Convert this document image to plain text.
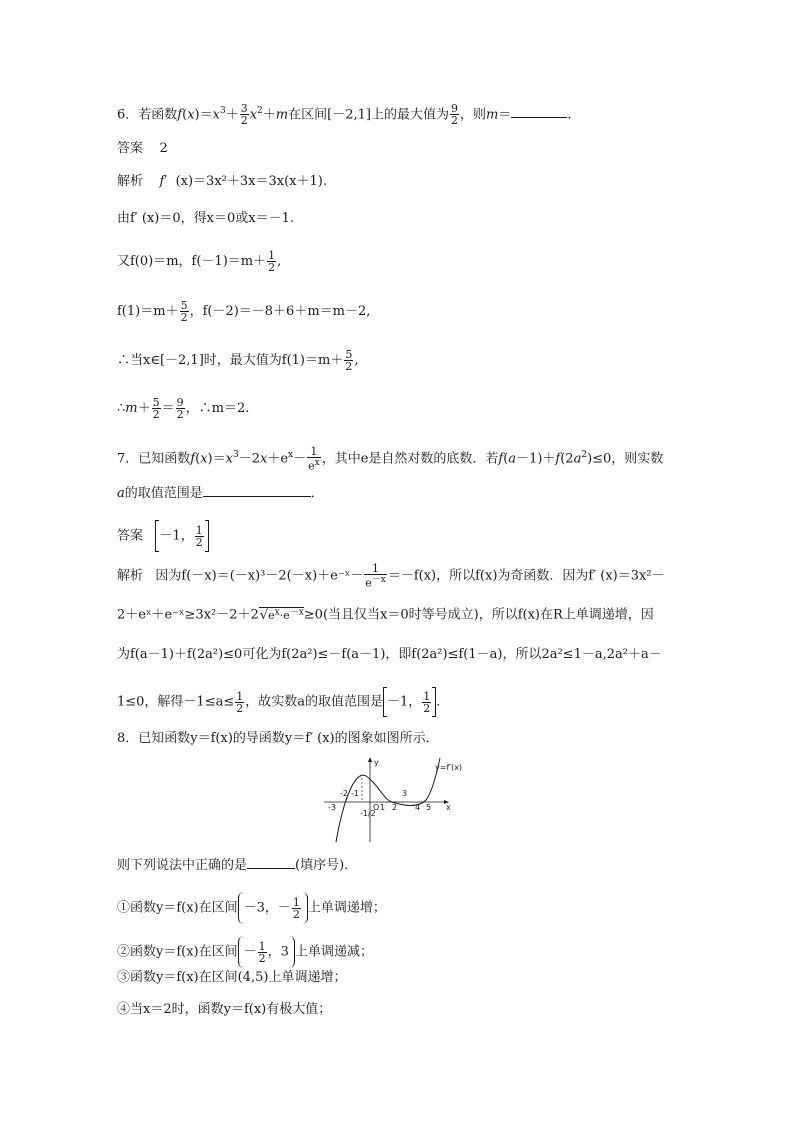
6．若函数$f(x)=x^3+ \frac{3}{2} x^2+m$在区间[－2,1]上的最大值为 $\frac{9}{2}$ ，则m＝	.
答案 2
解析 f′  (x)＝3x²＋3x＝3x(x＋1).
由f′ (x)＝0，得x＝0或x＝－1.
又f(0)＝m，$f(-1)=m+ \frac{1}{2}$ ,
$f(1)=m+ \frac{5}{2}$ ，f(－2)＝－8＋6＋m＝m－2,
∴当x∈[－2,1]时，最大值为$f(1)=m+ \frac{5}{2}$ ,
∴m＋ $\frac{5}{2} = \frac{9}{2}$ ，∴m＝2.
7．已知函数$f(x)=x^3-2x+e^x- \frac{1}{e^x}$ ，其中e是自然对数的底数．若$f(a-1)+f(2a^2)\le 0$，则实数
a的取值范围是	．
答案 －1， $\frac{1}{2}$
解析 因为f(－x)＝(－x)³－2(－x)＋e⁻ˣ－ $\frac{1}{e^{-x}} =-f(x)$，所以f(x)为奇函数．因为f′ (x)＝3x²－
$2+eˣ+e^-ˣ\ge 3x^2-2+2√e^x\cdot e^{-x}\ge 0$(当且仅当x＝0时等号成立)，所以f(x)在R上单调递增，因
为f(a－1)＋f(2a²)≤0可化为f(2a²)≤－f(a－1)，即f(2a²)≤f(1－a)，所以2a²≤1－a,2a²＋a－
1≤0，解得$-1\le a\le \frac{1}{2}$ ，故实数a的取值范围是 －1， $\frac{1}{2}$ .
8．已知函数y＝f(x)的导函数y＝f′ (x)的图象如图所示．
y
x
O
y=f′(x)
-3
-2 -1
1 2
3
4 5
-1/2
则下列说法中正确的是	(填序号)．
①函数y＝f(x)在区间 －3，－ $\frac{1}{2}$ 上单调递增；
②函数y＝f(x)在区间 － $\frac{1}{2}$ ，3 上单调递减；
③函数y＝f(x)在区间(4,5)上单调递增；
④当x＝2时，函数y＝f(x)有极大值；
